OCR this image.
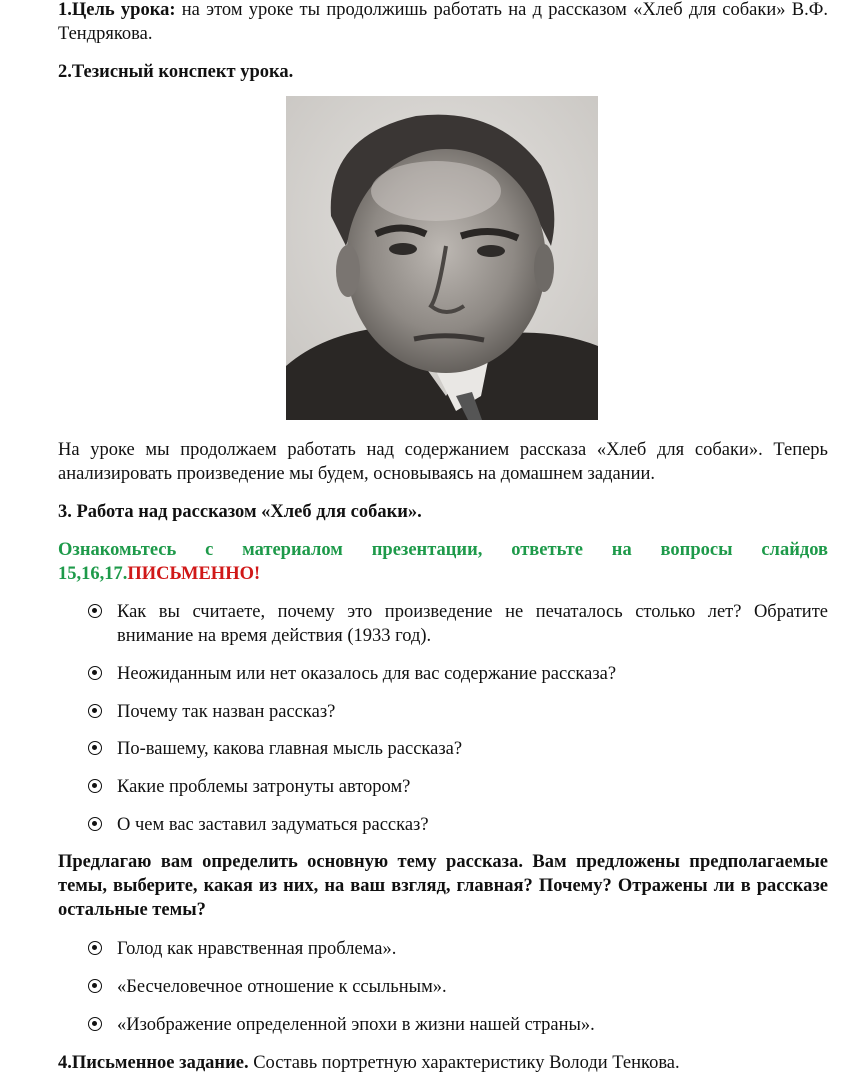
1.Цель урока: на этом уроке ты продолжишь работать на д рассказом «Хлеб для собаки» В.Ф. Тендрякова.

2.Тезисный конспект урока.

На уроке мы продолжаем работать над содержанием рассказа «Хлеб для собаки». Теперь анализировать произведение мы будем, основываясь на домашнем задании.

3. Работа над рассказом «Хлеб для собаки».

Ознакомьтесь с материалом презентации, ответьте на вопросы слайдов 15,16,17.ПИСЬМЕННО!

Как вы считаете, почему это произведение не печаталось столько лет? Обратите внимание на время действия (1933 год).
Неожиданным или нет оказалось для вас содержание рассказа?
Почему так назван рассказ?
По-вашему, какова главная мысль рассказа?
Какие проблемы затронуты автором?
О чем вас заставил задуматься рассказ?

Предлагаю вам определить основную тему рассказа. Вам предложены предполагаемые темы, выберите, какая из них, на ваш взгляд, главная? Почему? Отражены ли в рассказе остальные темы?

Голод как нравственная проблема».
«Бесчеловечное отношение к ссыльным».
«Изображение определенной эпохи в жизни нашей страны».

4.Письменное задание. Составь портретную характеристику Володи Тенкова.
